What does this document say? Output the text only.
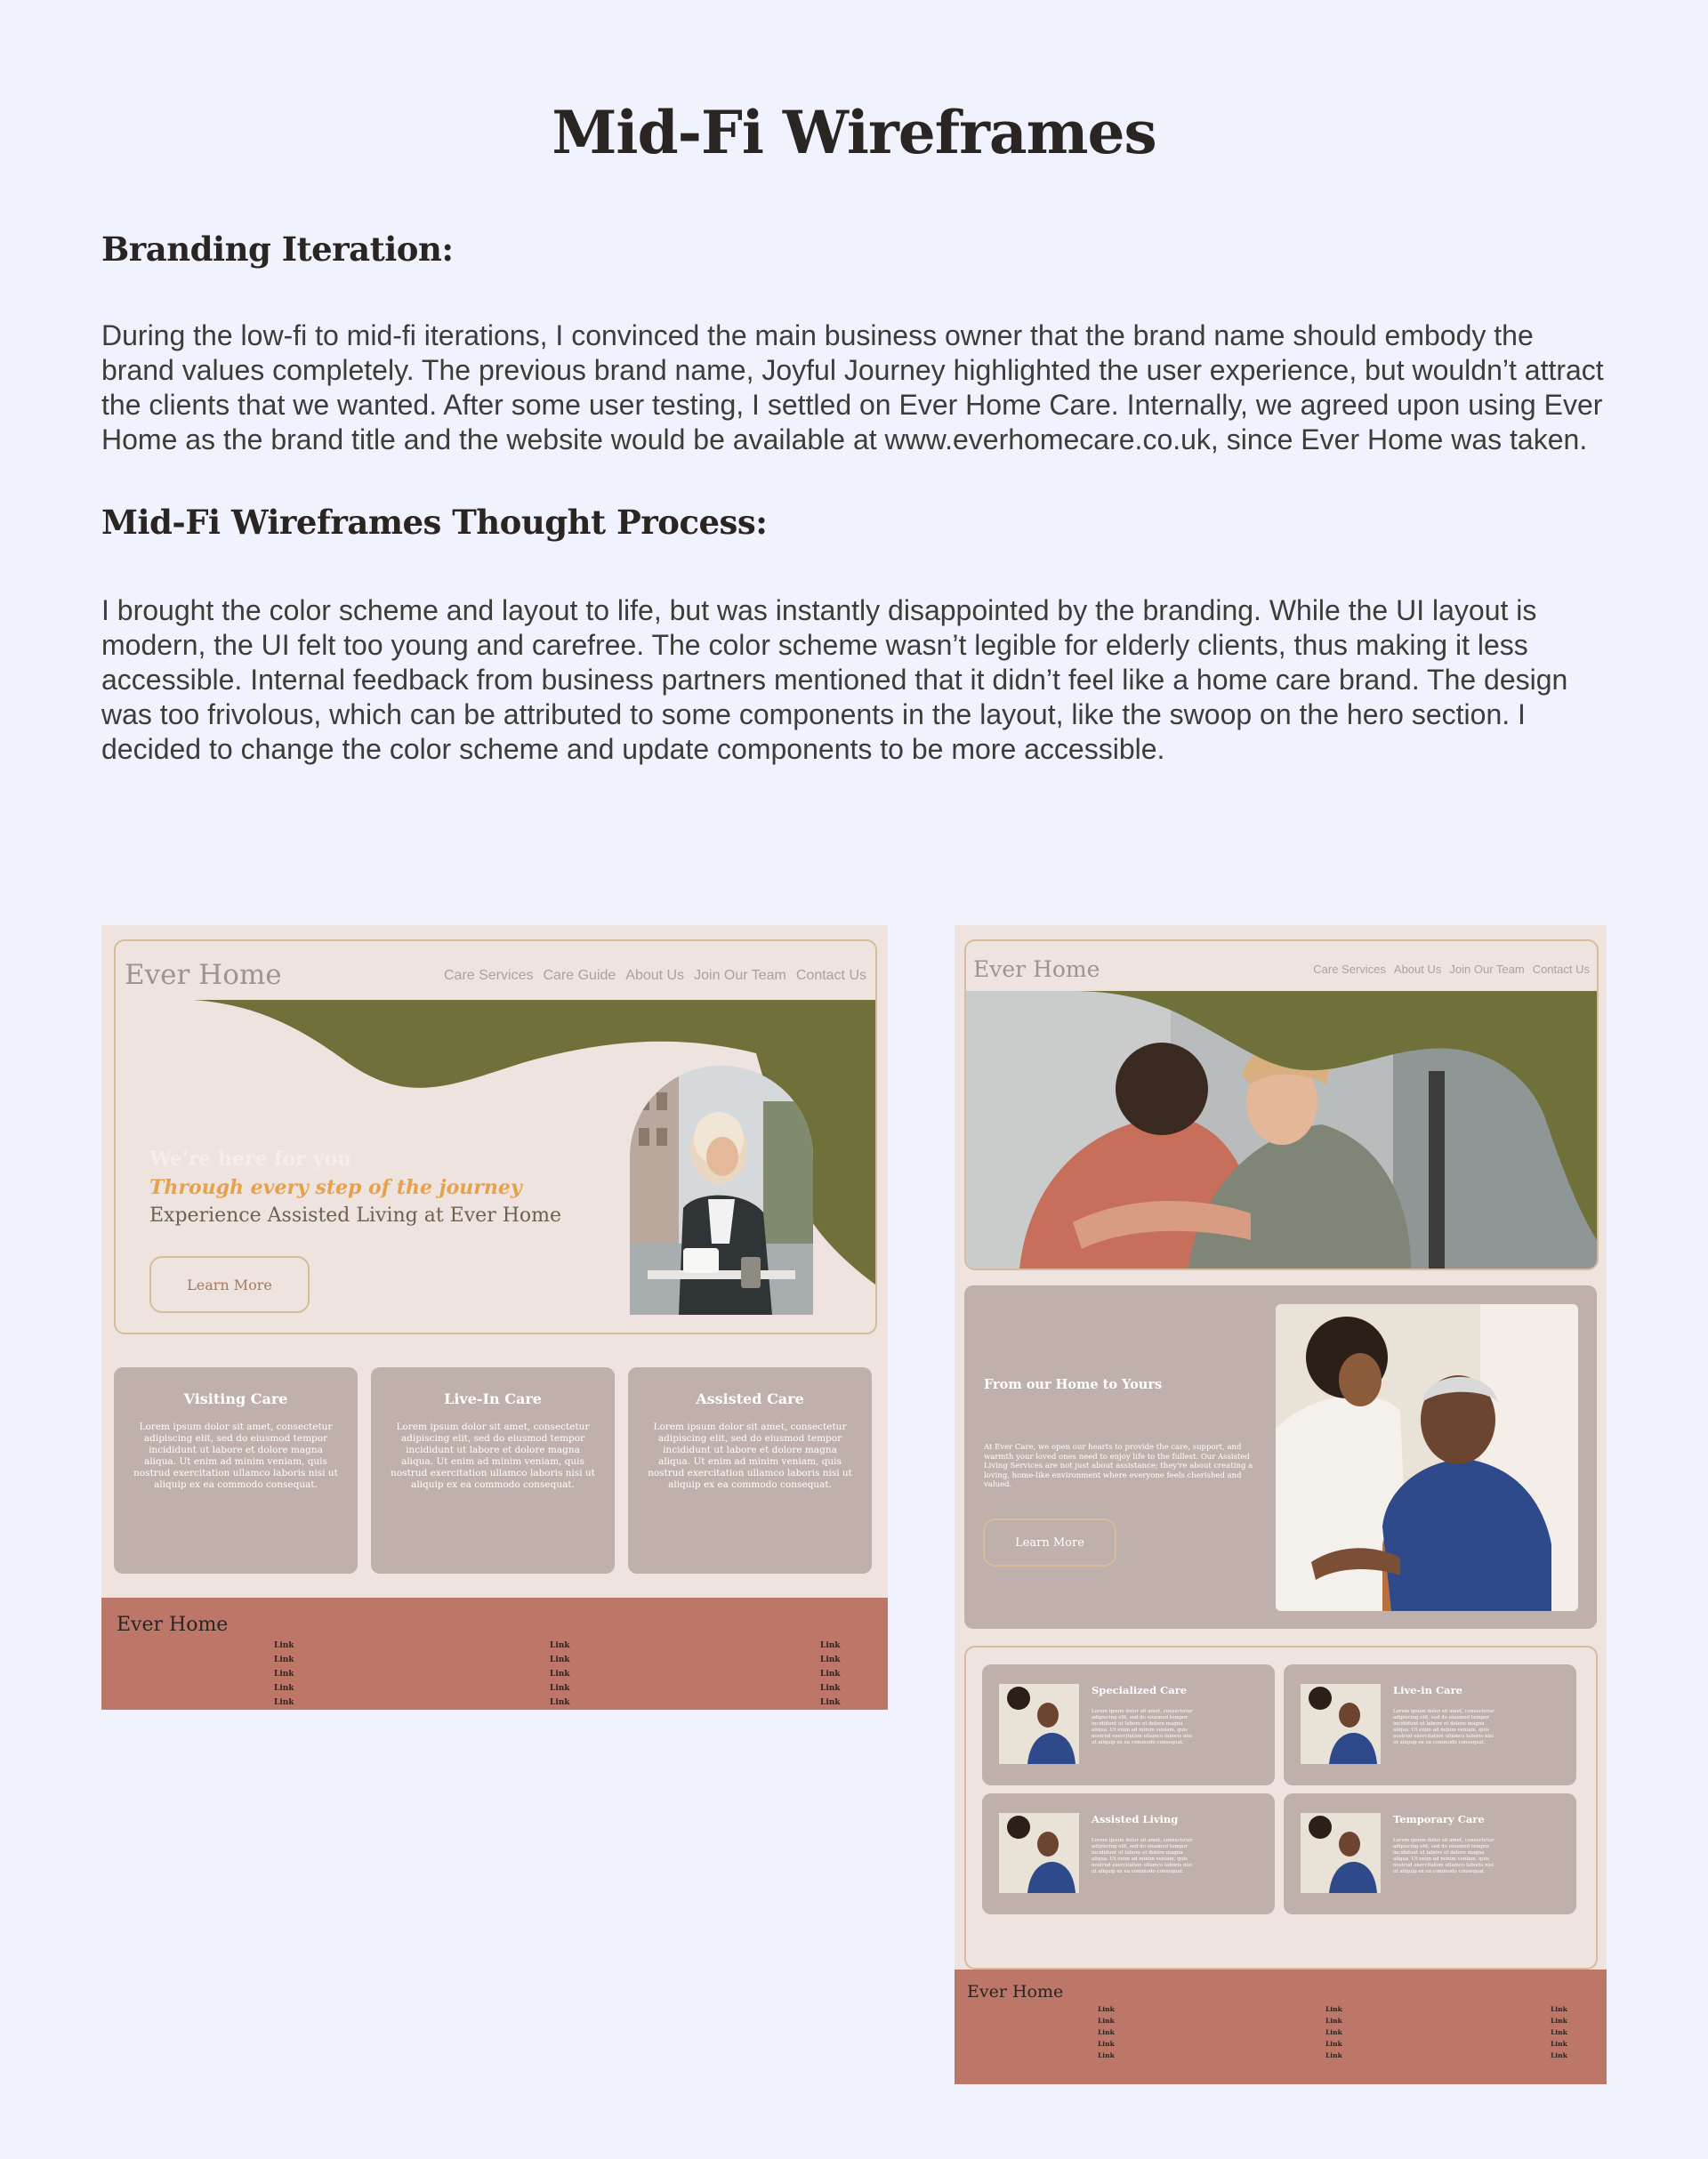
Mid-Fi Wireframes
Branding Iteration:

During the low-fi to mid-fi iterations, I convinced the main business owner that the brand name should embody the brand values completely. The previous brand name, Joyful Journey highlighted the user experience, but wouldn’t attract the clients that we wanted. After some user testing, I settled on Ever Home Care. Internally, we agreed upon using Ever Home as the brand title and the website would be available at www.everhomecare.co.uk, since Ever Home was taken.

Mid-Fi Wireframes Thought Process:

I brought the color scheme and layout to life, but was instantly disappointed by the branding. While the UI layout is modern, the UI felt too young and carefree. The color scheme wasn’t legible for elderly clients, thus making it less accessible. Internal feedback from business partners mentioned that it didn’t feel like a home care brand. The design was too frivolous, which can be attributed to some components in the layout, like the swoop on the hero section. I decided to change the color scheme and update components to be more accessible.

Ever Home	Care Services Care Guide About Us Join Our Team Contact Us
We're here for you
Through every step of the journey
Experience Assisted Living at Ever Home
Learn More
Visiting Care
Lorem ipsum dolor sit amet, consectetur adipiscing elit, sed do eiusmod tempor incididunt ut labore et dolore magna aliqua. Ut enim ad minim veniam, quis nostrud exercitation ullamco laboris nisi ut aliquip ex ea commodo consequat.
Live-In Care
Lorem ipsum dolor sit amet, consectetur adipiscing elit, sed do eiusmod tempor incididunt ut labore et dolore magna aliqua. Ut enim ad minim veniam, quis nostrud exercitation ullamco laboris nisi ut aliquip ex ea commodo consequat.
Assisted Care
Lorem ipsum dolor sit amet, consectetur adipiscing elit, sed do eiusmod tempor incididunt ut labore et dolore magna aliqua. Ut enim ad minim veniam, quis nostrud exercitation ullamco laboris nisi ut aliquip ex ea commodo consequat.
Ever Home
Link
Link
Link
Link
Link
Link
Link
Link
Link
Link
Link
Link
Link
Link
Link
Ever Home	Care Services About Us Join Our Team Contact Us
From our Home to Yours
At Ever Care, we open our hearts to provide the care, support, and warmth your loved ones need to enjoy life to the fullest. Our Assisted Living Services are not just about assistance; they're about creating a loving, home-like environment where everyone feels cherished and valued.
Learn More
Specialized Care
Lorem ipsum dolor sit amet, consectetur adipiscing elit, sed do eiusmod tempor incididunt ut labore et dolore magna aliqua. Ut enim ad minim veniam, quis nostrud exercitation ullamco laboris nisi ut aliquip ex ea commodo consequat.
Live-in Care
Lorem ipsum dolor sit amet, consectetur adipiscing elit, sed do eiusmod tempor incididunt ut labore et dolore magna aliqua. Ut enim ad minim veniam, quis nostrud exercitation ullamco laboris nisi ut aliquip ex ea commodo consequat.
Assisted Living
Lorem ipsum dolor sit amet, consectetur adipiscing elit, sed do eiusmod tempor incididunt ut labore et dolore magna aliqua. Ut enim ad minim veniam, quis nostrud exercitation ullamco laboris nisi ut aliquip ex ea commodo consequat.
Temporary Care
Lorem ipsum dolor sit amet, consectetur adipiscing elit, sed do eiusmod tempor incididunt ut labore et dolore magna aliqua. Ut enim ad minim veniam, quis nostrud exercitation ullamco laboris nisi ut aliquip ex ea commodo consequat.
Ever Home
Link
Link
Link
Link
Link
Link
Link
Link
Link
Link
Link
Link
Link
Link
Link
